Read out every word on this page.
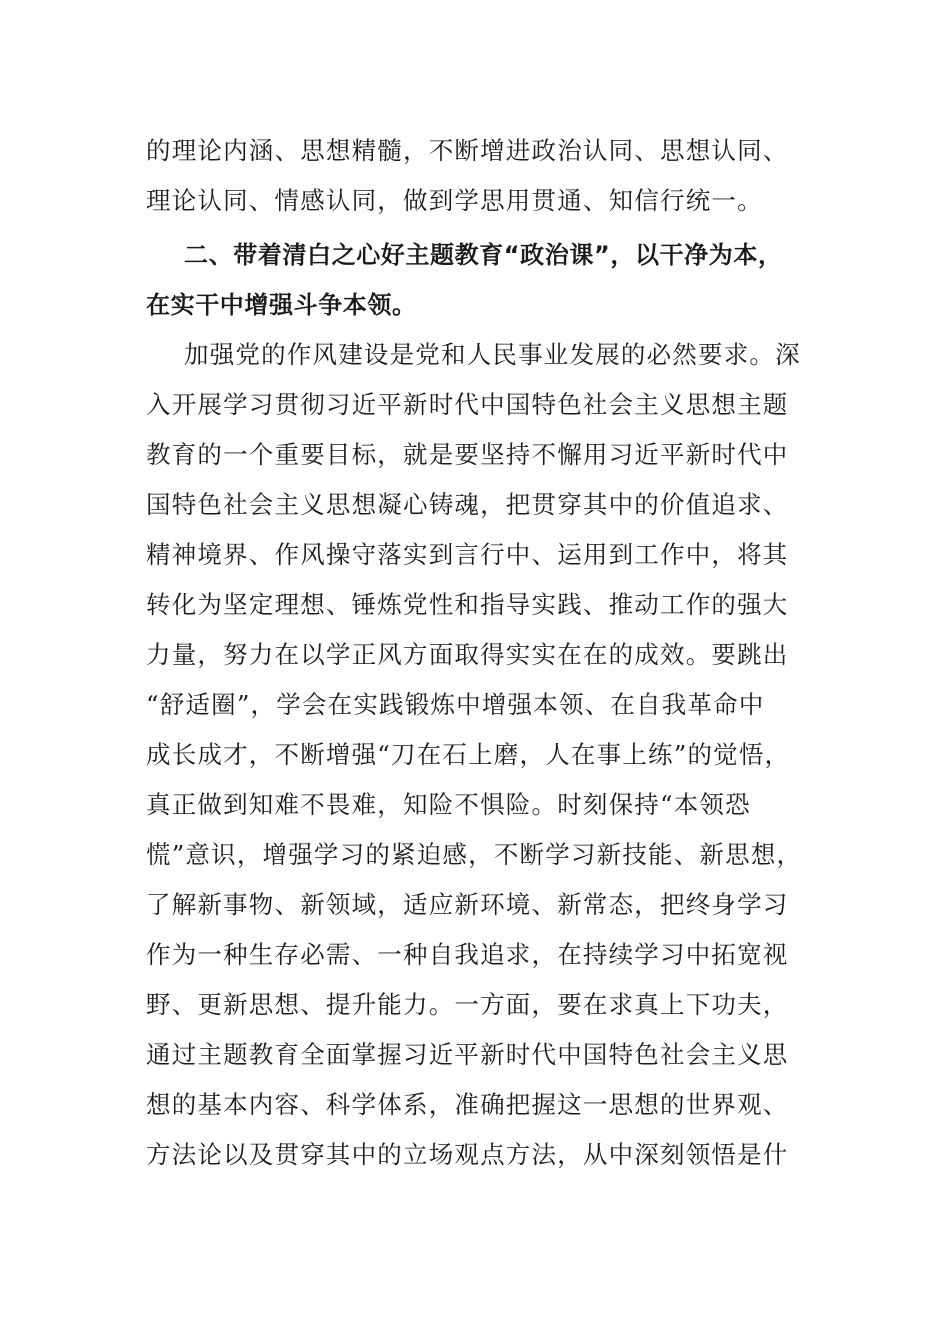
的理论内涵、思想精髓，不断增进政治认同、思想认同、
理论认同、情感认同，做到学思用贯通、知信行统一。
二、带着清白之心好主题教育“政治课”，以干净为本，
在实干中增强斗争本领。
加强党的作风建设是党和人民事业发展的必然要求。深
入开展学习贯彻习近平新时代中国特色社会主义思想主题
教育的一个重要目标，就是要坚持不懈用习近平新时代中
国特色社会主义思想凝心铸魂，把贯穿其中的价值追求、
精神境界、作风操守落实到言行中、运用到工作中，将其
转化为坚定理想、锤炼党性和指导实践、推动工作的强大
力量，努力在以学正风方面取得实实在在的成效。要跳出
“舒适圈”，学会在实践锻炼中增强本领、在自我革命中
成长成才，不断增强“刀在石上磨，人在事上练”的觉悟，
真正做到知难不畏难，知险不惧险。时刻保持“本领恐
慌”意识，增强学习的紧迫感，不断学习新技能、新思想，
了解新事物、新领域，适应新环境、新常态，把终身学习
作为一种生存必需、一种自我追求，在持续学习中拓宽视
野、更新思想、提升能力。一方面，要在求真上下功夫，
通过主题教育全面掌握习近平新时代中国特色社会主义思
想的基本内容、科学体系，准确把握这一思想的世界观、
方法论以及贯穿其中的立场观点方法，从中深刻领悟是什
